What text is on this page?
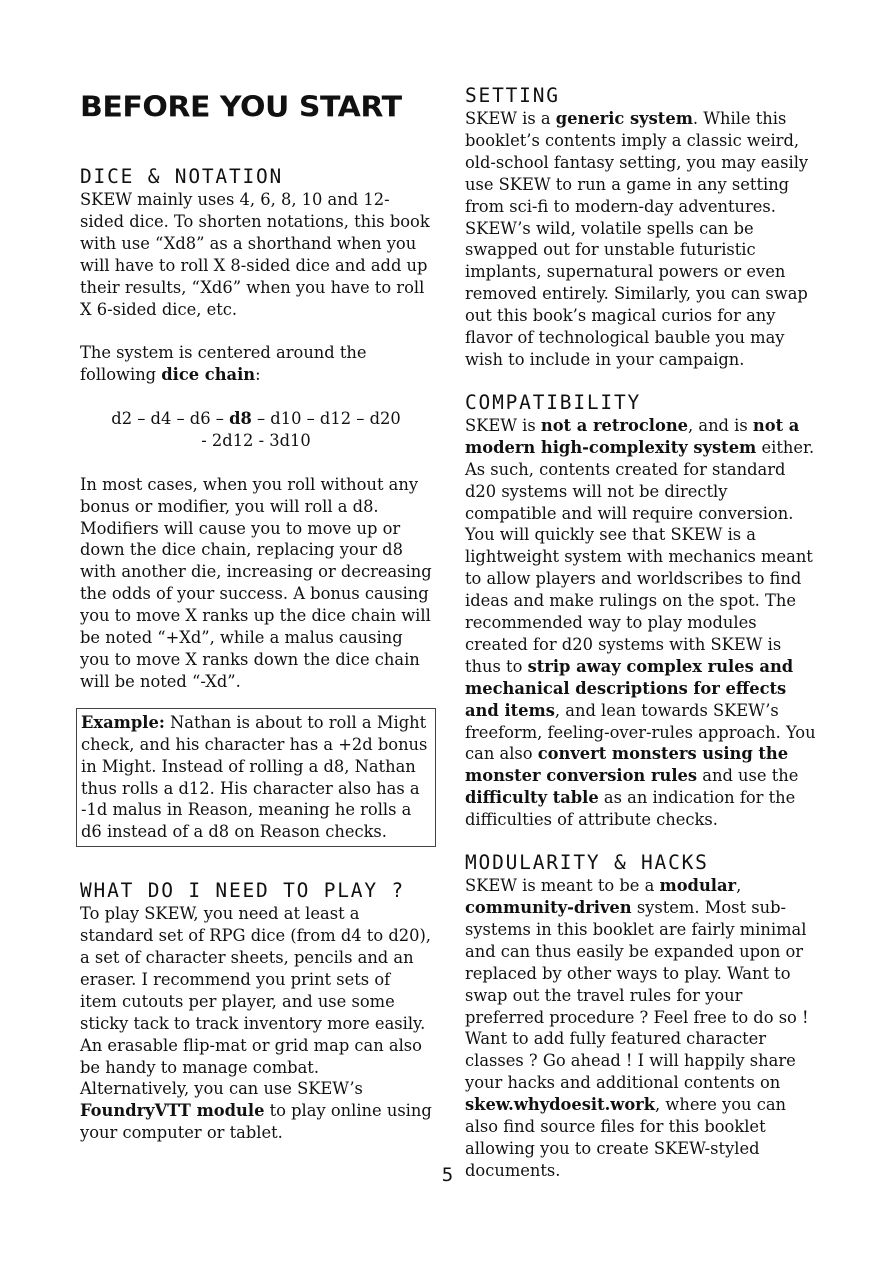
BEFORE YOU START
DICE & NOTATION

SKEW mainly uses 4, 6, 8, 10 and 12-sided dice. To shorten notations, this book with use “Xd8” as a shorthand when you will have to roll X 8-sided dice and add up their results, “Xd6” when you have to roll X 6-sided dice, etc.

The system is centered around the following dice chain:

d2 – d4 – d6 – d8 – d10 – d12 – d20

- 2d12 - 3d10

In most cases, when you roll without any bonus or modifier, you will roll a d8. Modifiers will cause you to move up or down the dice chain, replacing your d8 with another die, increasing or decreasing the odds of your success. A bonus causing you to move X ranks up the dice chain will be noted “+Xd”, while a malus causing you to move X ranks down the dice chain will be noted “-Xd”.

Example: Nathan is about to roll a Might check, and his character has a +2d bonus in Might. Instead of rolling a d8, Nathan thus rolls a d12. His character also has a -1d malus in Reason, meaning he rolls a d6 instead of a d8 on Reason checks.

WHAT DO I NEED TO PLAY ?

To play SKEW, you need at least a standard set of RPG dice (from d4 to d20), a set of character sheets, pencils and an eraser. I recommend you print sets of item cutouts per player, and use some sticky tack to track inventory more easily. An erasable flip-mat or grid map can also be handy to manage combat. Alternatively, you can use SKEW’s FoundryVTT module to play online using your computer or tablet.

SETTING

SKEW is a generic system. While this booklet’s contents imply a classic weird, old-school fantasy setting, you may easily use SKEW to run a game in any setting from sci-fi to modern-day adventures. SKEW’s wild, volatile spells can be swapped out for unstable futuristic implants, supernatural powers or even removed entirely. Similarly, you can swap out this book’s magical curios for any flavor of technological bauble you may wish to include in your campaign.

COMPATIBILITY

SKEW is not a retroclone, and is not a modern high-complexity system either. As such, contents created for standard d20 systems will not be directly compatible and will require conversion. You will quickly see that SKEW is a lightweight system with mechanics meant to allow players and worldscribes to find ideas and make rulings on the spot. The recommended way to play modules created for d20 systems with SKEW is thus to strip away complex rules and mechanical descriptions for effects and items, and lean towards SKEW’s freeform, feeling-over-rules approach. You can also convert monsters using the monster conversion rules and use the difficulty table as an indication for the difficulties of attribute checks.

MODULARITY & HACKS

SKEW is meant to be a modular, community-driven system. Most sub-systems in this booklet are fairly minimal and can thus easily be expanded upon or replaced by other ways to play. Want to swap out the travel rules for your preferred procedure ? Feel free to do so ! Want to add fully featured character classes ? Go ahead ! I will happily share your hacks and additional contents on skew.whydoesit.work, where you can also find source files for this booklet allowing you to create SKEW-styled documents.

5
